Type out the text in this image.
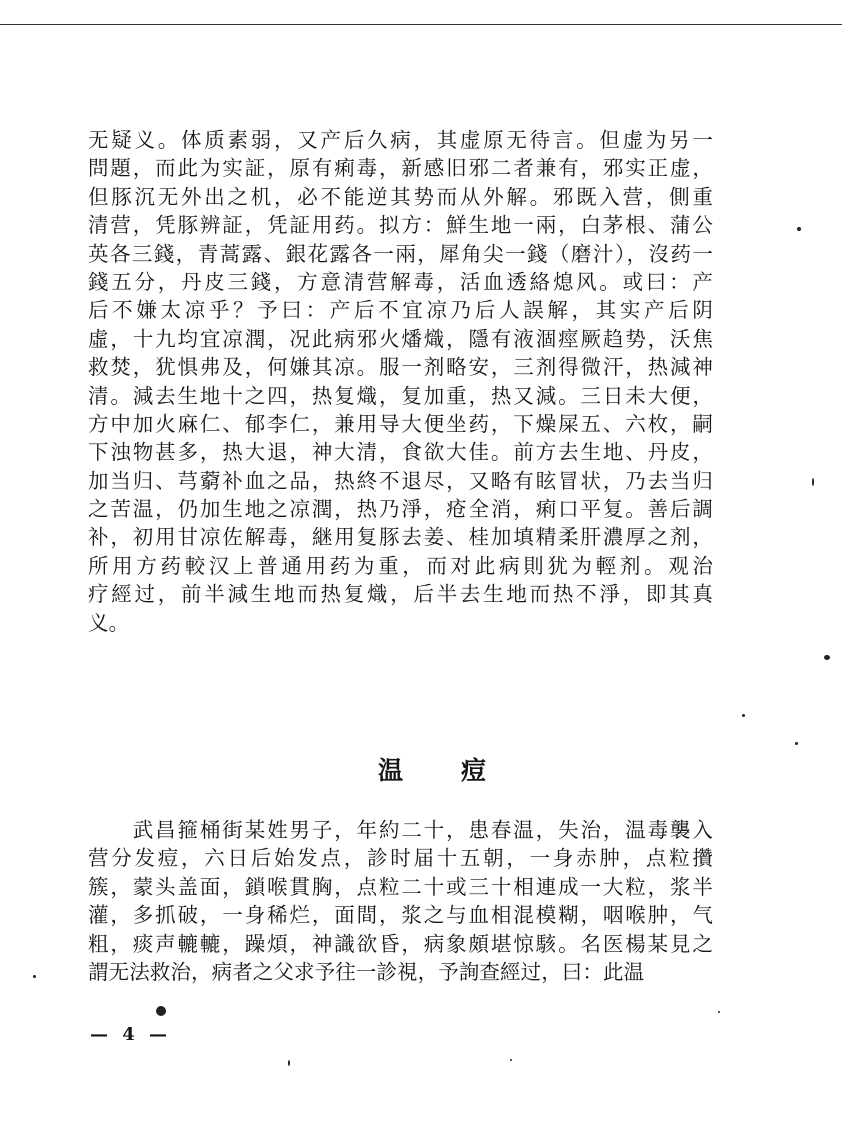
无疑义。体质素弱，又产后久病，其虚原无待言。但虚为另一
問題，而此为实証，原有痢毒，新感旧邪二者兼有，邪实正虚，
但豚沉无外出之机，必不能逆其势而从外解。邪既入营，側重
清营，凭豚辨証，凭証用药。拟方：鮮生地一兩，白茅根、蒲公
英各三錢，青蒿露、銀花露各一兩，犀角尖一錢（磨汁），沒药一
錢五分，丹皮三錢，方意清营解毒，活血透絡熄风。或曰：产
后不嫌太凉乎？予曰：产后不宜凉乃后人誤解，其实产后阴
虛，十九均宜凉潤，况此病邪火燔熾，隱有液涸痙厥趋势，沃焦
救焚，犹惧弗及，何嫌其凉。服一剂略安，三剂得微汗，热減神
清。減去生地十之四，热复熾，复加重，热又減。三日未大便，
方中加火麻仁、郁李仁，兼用导大便坐药，下燥屎五、六枚，嗣
下浊物甚多，热大退，神大清，食欲大佳。前方去生地、丹皮，
加当归、芎藭补血之品，热終不退尽，又略有眩冒状，乃去当归
之苦温，仍加生地之凉潤，热乃淨，疮全消，痢口平复。善后調
补，初用甘凉佐解毒，継用复豚去姜、桂加填精柔肝濃厚之剂，
所用方药較汉上普通用药为重，而对此病則犹为輕剂。观治
疗經过，前半減生地而热复熾，后半去生地而热不淨，即其真
义。
温 痘
　　武昌箍桶街某姓男子，年約二十，患春温，失治，温毒襲入
营分发痘，六日后始发点，診时届十五朝，一身赤肿，点粒攢
簇，蒙头盖面，鎖喉貫胸，点粒二十或三十相連成一大粒，浆半
灌，多抓破，一身稀烂，面間，浆之与血相混模糊，咽喉肿，气
粗，痰声轆轆，躁煩，神識欲昏，病象頗堪惊駭。名医楊某見之
謂无法救治，病者之父求予往一診視，予詢查經过，曰：此温
— 4 —
